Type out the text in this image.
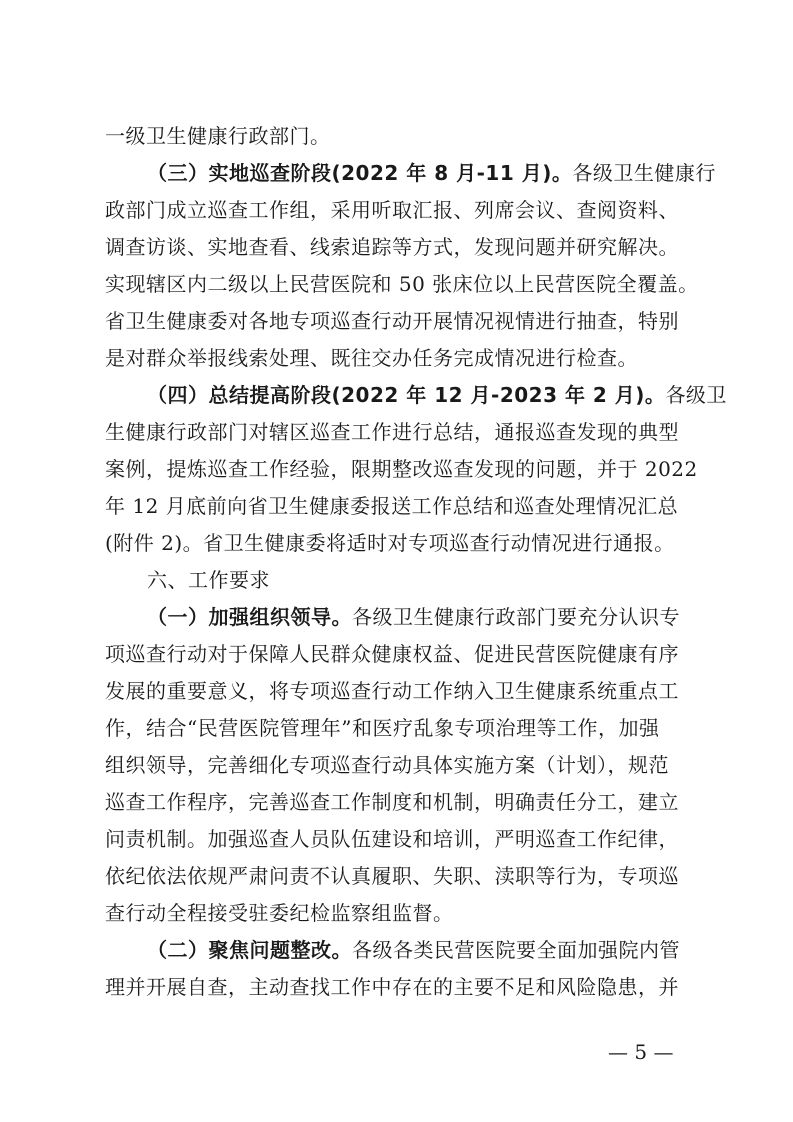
一级卫生健康行政部门。
（三）实地巡查阶段(2022 年 8 月-11 月)。各级卫生健康行
政部门成立巡查工作组，采用听取汇报、列席会议、查阅资料、
调查访谈、实地查看、线索追踪等方式，发现问题并研究解决。
实现辖区内二级以上民营医院和 50 张床位以上民营医院全覆盖。
省卫生健康委对各地专项巡查行动开展情况视情进行抽查，特别
是对群众举报线索处理、既往交办任务完成情况进行检查。
（四）总结提高阶段(2022 年 12 月-2023 年 2 月)。各级卫
生健康行政部门对辖区巡查工作进行总结，通报巡查发现的典型
案例，提炼巡查工作经验，限期整改巡查发现的问题，并于 2022
年 12 月底前向省卫生健康委报送工作总结和巡查处理情况汇总
(附件 2)。省卫生健康委将适时对专项巡查行动情况进行通报。
六、工作要求
（一）加强组织领导。各级卫生健康行政部门要充分认识专
项巡查行动对于保障人民群众健康权益、促进民营医院健康有序
发展的重要意义，将专项巡查行动工作纳入卫生健康系统重点工
作，结合“民营医院管理年”和医疗乱象专项治理等工作，加强
组织领导，完善细化专项巡查行动具体实施方案（计划），规范
巡查工作程序，完善巡查工作制度和机制，明确责任分工，建立
问责机制。加强巡查人员队伍建设和培训，严明巡查工作纪律，
依纪依法依规严肃问责不认真履职、失职、渎职等行为，专项巡
查行动全程接受驻委纪检监察组监督。
（二）聚焦问题整改。各级各类民营医院要全面加强院内管
理并开展自查，主动查找工作中存在的主要不足和风险隐患，并
— 5 —
